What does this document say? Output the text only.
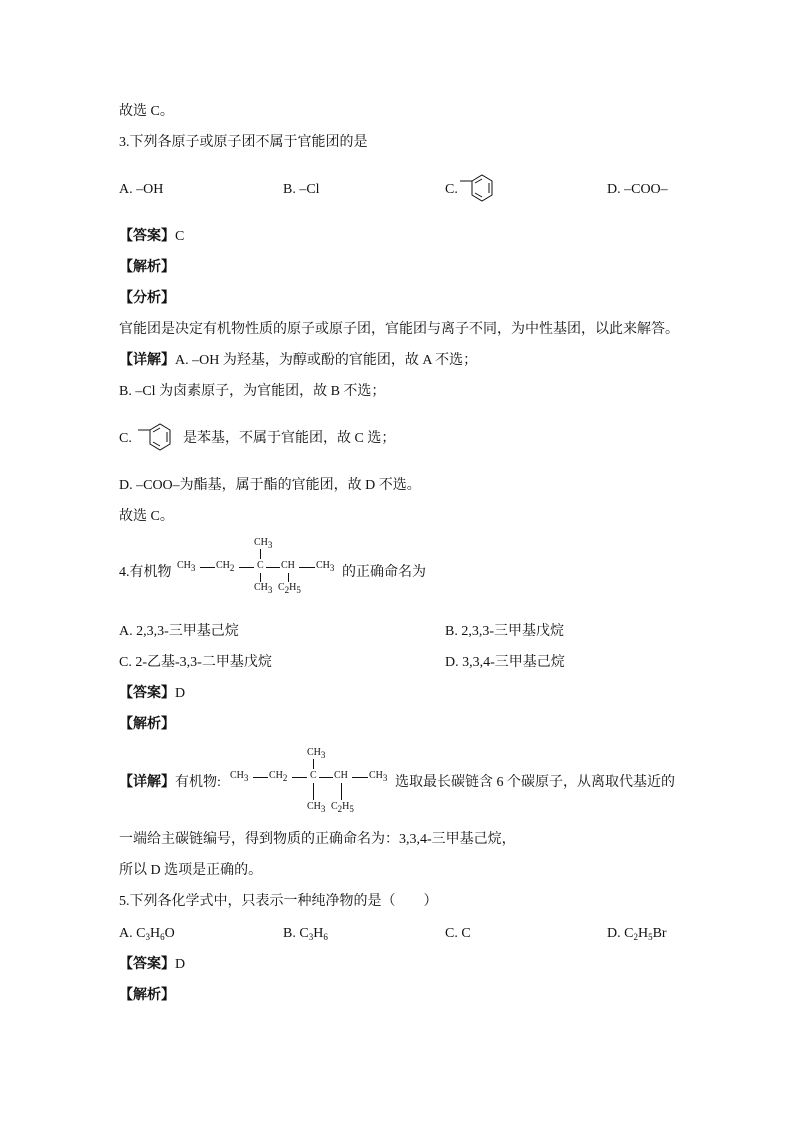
故选 C。
3.下列各原子或原子团不属于官能团的是
A. –OH	B. –Cl	C.	D. –COO–
【答案】C
【解析】
【分析】
官能团是决定有机物性质的原子或原子团，官能团与离子不同，为中性基团，以此来解答。
【详解】A. –OH 为羟基，为醇或酚的官能团，故 A 不选；
B. –Cl 为卤素原子，为官能团，故 B 不选；
C.	是苯基，不属于官能团，故 C 选；
D. –COO–为酯基，属于酯的官能团，故 D 不选。
故选 C。
4.有机物
$CH_3$
$CH_3$ $CH_2$ C CH $CH_3$
$CH_3$ $C_2H_5$
的正确命名为
A. 2,3,3-三甲基己烷	B. 2,3,3-三甲基戊烷
C. 2-乙基-3,3-二甲基戊烷	D. 3,3,4-三甲基己烷
【答案】D
【解析】
【详解】有机物:
$CH_3$
$CH_3$ $CH_2$ C CH $CH_3$
$CH_3$ $C_2H_5$
选取最长碳链含 6 个碳原子，从离取代基近的
一端给主碳链编号，得到物质的正确命名为：3,3,4-三甲基己烷，
所以 D 选项是正确的。
5.下列各化学式中，只表示一种纯净物的是（　　）
A. $C_3H_6O$	B. $C_3H_6$	C. C	D. $C_2H_5Br$
【答案】D
【解析】
